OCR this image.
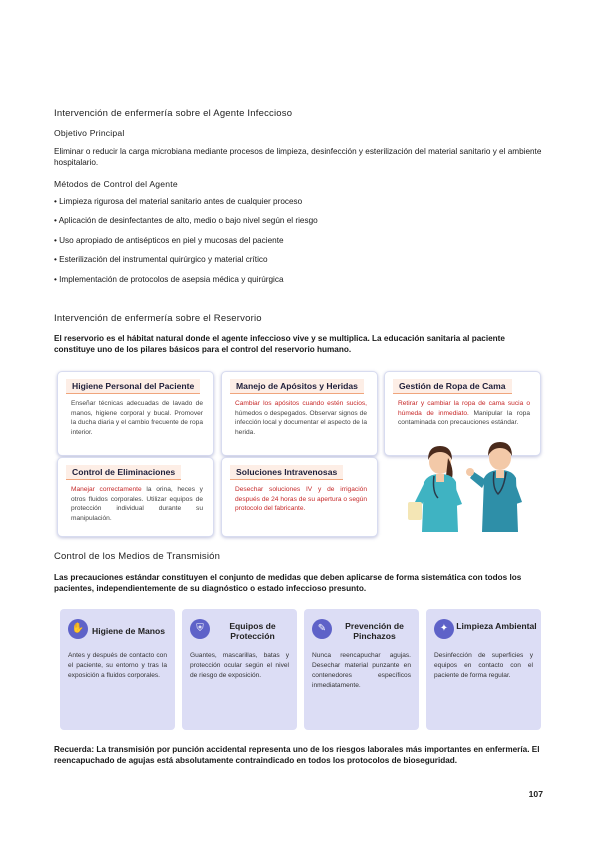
Intervención de enfermería sobre el Agente Infeccioso
Objetivo Principal
Eliminar o reducir la carga microbiana mediante procesos de limpieza, desinfección y esterilización del material sanitario y el ambiente hospitalario.
Métodos de Control del Agente
• Limpieza rigurosa del material sanitario antes de cualquier proceso
• Aplicación de desinfectantes de alto, medio o bajo nivel según el riesgo
• Uso apropiado de antisépticos en piel y mucosas del paciente
• Esterilización del instrumental quirúrgico y material crítico
• Implementación de protocolos de asepsia médica y quirúrgica
Intervención de enfermería sobre el Reservorio
El reservorio es el hábitat natural donde el agente infeccioso vive y se multiplica. La educación sanitaria al paciente constituye uno de los pilares básicos para el control del reservorio humano.
Higiene Personal del Paciente
Enseñar técnicas adecuadas de lavado de manos, higiene corporal y bucal. Promover la ducha diaria y el cambio frecuente de ropa interior.
Manejo de Apósitos y Heridas
Cambiar los apósitos cuando estén sucios, húmedos o despegados. Observar signos de infección local y documentar el aspecto de la herida.
Gestión de Ropa de Cama
Retirar y cambiar la ropa de cama sucia o húmeda de inmediato. Manipular la ropa contaminada con precauciones estándar.
Control de Eliminaciones
Manejar correctamente la orina, heces y otros fluidos corporales. Utilizar equipos de protección individual durante su manipulación.
Soluciones Intravenosas
Desechar soluciones IV y de irrigación después de 24 horas de su apertura o según protocolo del fabricante.
Control de los Medios de Transmisión
Las precauciones estándar constituyen el conjunto de medidas que deben aplicarse de forma sistemática con todos los pacientes, independientemente de su diagnóstico o estado infeccioso presunto.
✋ Higiene de Manos
Antes y después de contacto con el paciente, su entorno y tras la exposición a fluidos corporales.
⛨	Equipos de Protección
Guantes, mascarillas, batas y protección ocular según el nivel de riesgo de exposición.
✎	Prevención de Pinchazos
Nunca reencapuchar agujas. Desechar material punzante en contenedores específicos inmediatamente.
✦ Limpieza Ambiental
Desinfección de superficies y equipos en contacto con el paciente de forma regular.
Recuerda: La transmisión por punción accidental representa uno de los riesgos laborales más importantes en enfermería. El reencapuchado de agujas está absolutamente contraindicado en todos los protocolos de bioseguridad.
107
